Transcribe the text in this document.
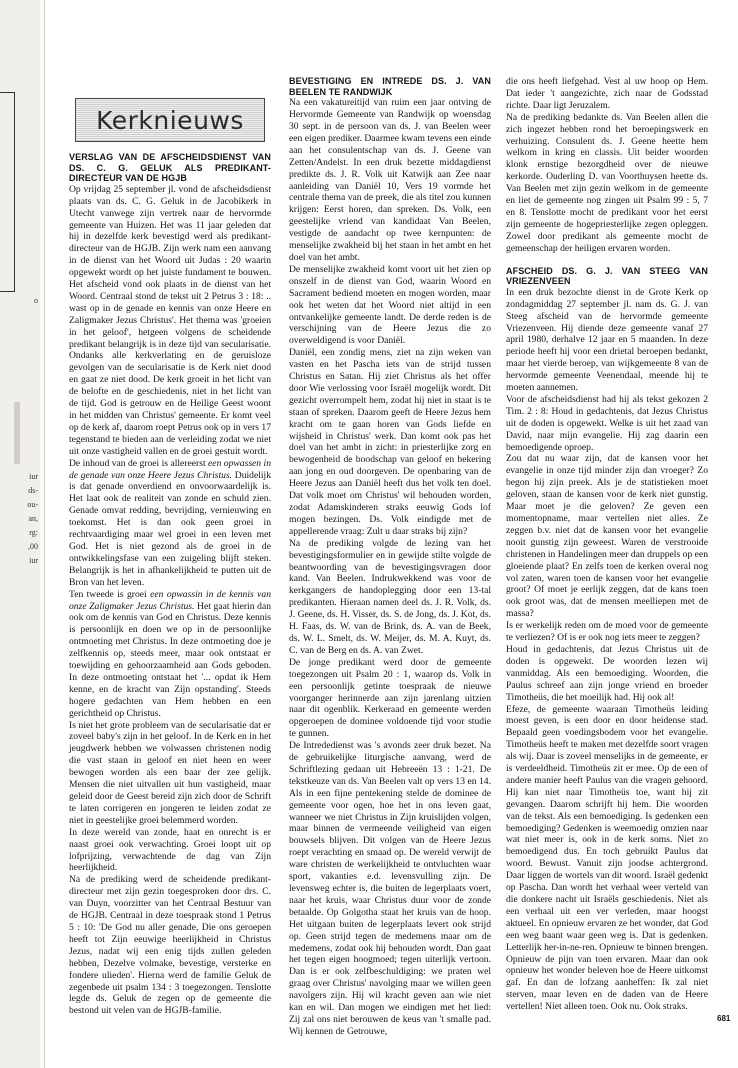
o
iur
ds-
ou-
an,
rg:
,00
iur
Kerknieuws

VERSLAG VAN DE AFSCHEIDSDIENST VAN DS. C. G. GELUK ALS PREDIKANT-DIRECTEUR VAN DE HGJB

Op vrijdag 25 september jl. vond de afscheidsdienst plaats van ds. C. G. Geluk in de Jacobikerk in Utecht vanwege zijn vertrek naar de hervormde gemeente van Huizen. Het was 11 jaar geleden dat hij in dezelfde kerk bevestigd werd als predikant-directeur van de HGJB. Zijn werk nam een aanvang in de dienst van het Woord uit Judas : 20 waarin opgewekt wordt op het juiste fundament te bouwen. Het afscheid vond ook plaats in de dienst van het Woord. Centraal stond de tekst uit 2 Petrus 3 : 18: .. wast op in de genade en kennis van onze Heere en Zaligmaker Jezus Christus'. Het thema was 'groeien in het geloof', hetgeen volgens de scheidende predikant belangrijk is in deze tijd van secularisatie. Ondanks alle kerkverlating en de geruisloze gevolgen van de secularisatie is de Kerk niet dood en gaat ze niet dood. De kerk groeit in het licht van de belofte en de geschiedenis, niet in het licht van de tijd. God is getrouw en de Heilige Geest woont in het midden van Christus' gemeente. Er komt veel op de kerk af, daarom roept Petrus ook op in vers 17 tegenstand te bieden aan de verleiding zodat we niet uit onze vastigheid vallen en de groei gestuit wordt.

De inhoud van de groei is allereerst een opwassen in de genade van onze Heere Jezus Christus. Duidelijk is dat genade onverdiend en onvoorwaardelijk is. Het laat ook de realiteit van zonde en schuld zien. Genade omvat redding, bevrijding, vernieuwing en toekomst. Het is dan ook geen groei in rechtvaardiging maar wel groei in een leven met God. Het is niet gezond als de groei in de ontwikkelingsfase van een zuigeling blijft steken. Belangrijk is het in afhankelijkheid te putten uit de Bron van het leven.

Ten tweede is groei een opwassin in de kennis van onze Zaligmaker Jezus Christus. Het gaat hierin dan ook om de kennis van God en Christus. Deze kennis is persoonlijk en doen we op in de persoonlijke ontmoeting met Christus. In deze ontmoeting doe je zelfkennis op, steeds meer, maar ook ontstaat er toewijding en gehoorzaamheid aan Gods geboden. In deze ontmoeting ontstaat het '... opdat ik Hem kenne, en de kracht van Zijn opstanding'. Steeds hogere gedachten van Hem hebben en een gerichtheid op Christus.

Is niet het grote probleem van de secularisatie dat er zoveel baby's zijn in het geloof. In de Kerk en in het jeugdwerk hebben we volwassen christenen nodig die vast staan in geloof en niet heen en weer bewogen worden als een baar der zee gelijk. Mensen die niet uitvallen uit hun vastigheid, maar geleid door de Geest bereid zijn zich door de Schrift te laten corrigeren en jongeren te leiden zodat ze niet in geestelijke groei belemmerd worden.

In deze wereld van zonde, haat en onrecht is er naast groei ook verwachting. Groei loopt uit op lofprijzing, verwachtende de dag van Zijn heerlijkheid.

Na de prediking werd de scheidende predikant-directeur met zijn gezin toegesproken door drs. C. van Duyn, voorzitter van het Centraal Bestuur van de HGJB. Centraal in deze toespraak stond 1 Petrus 5 : 10: 'De God nu aller genade, Die ons geroepen heeft tot Zijn eeuwige heerlijkheid in Christus Jezus, nadat wij een enig tijds zullen geleden hebben, Dezelve volmake, bevestige, versterke en fondere ulieden'. Hierna werd de familie Geluk de zegenbede uit psalm 134 : 3 toegezongen. Tenslotte legde ds. Geluk de zegen op de gemeente die bestond uit velen van de HGJB-familie.

BEVESTIGING EN INTREDE DS. J. VAN BEELEN TE RANDWIJK

Na een vakatureitijd van ruim een jaar ontving de Hervormde Gemeente van Randwijk op woensdag 30 sept. in de persoon van ds. J. van Beelen weer een eigen prediker. Daarmee kwam tevens een einde aan het consulentschap van ds. J. Geene van Zetten/Andelst. In een druk bezette middagdienst predikte ds. J. R. Volk uit Katwijk aan Zee naar aanleiding van Daniël 10, Vers 19 vormde het centrale thema van de preek, die als titel zou kunnen krijgen: Eerst horen, dan spreken. Ds. Volk, een geestelijke vriend van kandidaat Van Beelen, vestigde de aandacht op twee kernpunten: de menselijke zwakheid bij het staan in het ambt en het doel van het ambt.

De menselijke zwakheid komt voort uit het zien op onszelf in de dienst van God, waarin Woord en Sacrament bediend moeten en mogen worden, maar ook het weten dat het Woord niet altijd in een ontvankelijke gemeente landt. De derde reden is de verschijning van de Heere Jezus die zo overweldigend is voor Daniël.

Daniël, een zondig mens, ziet na zijn weken van vasten en het Pascha iets van de strijd tussen Christus en Satan. Hij ziet Christus als het offer door Wie verlossing voor Israël mogelijk wordt. Dit gezicht overrompelt hem, zodat hij niet in staat is te staan of spreken. Daarom geeft de Heere Jezus hem kracht om te gaan horen van Gods liefde en wijsheid in Christus' werk. Dan komt ook pas het doel van het ambt in zicht: in priesterlijke zorg en bewogenheid de boodschap van geloof en bekering aan jong en oud doorgeven. De openbaring van de Heere Jezus aan Daniël heeft dus het volk ten doel. Dat volk moet om Christus' wil behouden worden, zodat Adamskinderen straks eeuwig Gods lof mogen bezingen. Ds. Volk eindigde met de appellerende vraag: Zult u daar straks bij zijn?

Na de prediking volgde de lezing van het bevestigingsformulier en in gewijde stilte volgde de beantwoording van de bevestigingsvragen door kand. Van Beelen. Indrukwekkend was voor de kerkgangers de handoplegging door een 13-tal predikanten. Hieraan namen deel ds. J. R. Volk, ds. J. Geene, ds. H. Visser, ds. S. de Jong, ds. J. Kot, ds. H. Faas, ds. W. van de Brink, ds. A. van de Beek, ds. W. L. Smelt, ds. W. Meijer, ds. M. A. Kuyt, ds. C. van de Berg en ds. A. van Zwet.

De jonge predikant werd door de gemeente toegezongen uit Psalm 20 : 1, waarop ds. Volk in een persoonlijk getinte toespraak de nieuwe voorganger herinnerde aan zijn jarenlang uitzien naar dit ogenblik. Kerkeraad en gemeente werden opgeroepen de dominee voldoende tijd voor studie te gunnen.

De Intrededienst was 's avonds zeer druk bezet. Na de gebruikelijke liturgische aanvang, werd de Schriftlezing gedaan uit Hebreeën 13 : 1-21. De tekstkeuze van ds. Van Beelen valt op vers 13 en 14. Als in een fijne pentekening stelde de dominee de gemeente voor ogen, hoe het in ons leven gaat, wanneer we niet Christus in Zijn kruislijden volgen, maar binnen de vermeende veiligheid van eigen bouwsels blijven. Dit volgen van de Heere Jezus roept verachting en smaad op. De wereld verwijt de ware christen de werkelijkheid te ontvluchten waar sport, vakanties e.d. levensvulling zijn. De levensweg echter is, die buiten de legerplaats voert, naar het kruis, waar Christus duur voor de zonde betaalde. Op Golgotha staat het kruis van de hoop. Het uitgaan buiten de legerplaats levert ook strijd op. Geen strijd tegen de medemens maar om de medemens, zodat ook hij behouden wordt. Dan gaat het tegen eigen hoogmoed; tegen uiterlijk vertoon. Dan is er ook zelfbeschuldiging: we praten wel graag over Christus' navolging maar we willen geen navolgers zijn. Hij wil kracht geven aan wie niet kan en wil. Dan mogen we eindigen met het lied: Zij zal ons niet berouwen de keus van 't smalle pad. Wij kennen de Getrouwe,

die ons heeft liefgehad. Vest al uw hoop op Hem. Dat ieder 't aangezichte, zich naar de Godsstad richte. Daar ligt Jeruzalem.

Na de prediking bedankte ds. Van Beelen allen die zich ingezet hebben rond het beroepingswerk en verhuizing. Consulent ds. J. Geene heette hem welkom in kring en classis. Uit beider woorden klonk ernstige bezorgdheid over de nieuwe kerkorde. Ouderling D. van Voorthuysen heette ds. Van Beelen met zijn gezin welkom in de gemeente en liet de gemeente nog zingen uit Psalm 99 : 5, 7 en 8. Tenslotte mocht de predikant voor het eerst zijn gemeente de hogepriesterlijke zegen opleggen. Zowel door predikant als gemeente mocht de gemeenschap der heiligen ervaren worden.

AFSCHEID DS. G. J. VAN STEEG VAN VRIEZENVEEN

In een druk bezochte dienst in de Grote Kerk op zondagmiddag 27 september jl. nam ds. G. J. van Steeg afscheid van de hervormde gemeente Vriezenveen. Hij diende deze gemeente vanaf 27 april 1980, derhalve 12 jaar en 5 maanden. In deze periode heeft hij voor een drietal beroepen bedankt, maar het vierde beroep, van wijkgemeente 8 van de hervormde gemeente Veenendaal, meende hij te moeten aannemen.

Voor de afscheidsdienst had hij als tekst gekozen 2 Tim. 2 : 8: Houd in gedachtenis, dat Jezus Christus uit de doden is opgewekt. Welke is uit het zaad van David, naar mijn evangelie. Hij zag daarin een bemoedigende oproep.

Zou dat nu waar zijn, dat de kansen voor het evangelie in onze tijd minder zijn dan vroeger? Zo begon hij zijn preek. Als je de statistieken moet geloven, staan de kansen voor de kerk niet gunstig. Maar moet je die geloven? Ze geven een momentopname, maar vertellen niet alles. Ze zeggen b.v. niet dat de kansen voor het evangelie nooit gunstig zijn geweest. Waren de verstrooide christenen in Handelingen meer dan druppels op een gloeiende plaat? En zelfs toen de kerken overal nog vol zaten, waren toen de kansen voor het evangelie groot? Of moet je eerlijk zeggen, dat de kans toen ook groot was, dat de mensen meelliepen met de massa?

Is er werkelijk reden om de moed voor de gemeente te verliezen? Of is er ook nog iets meer te zeggen?

Houd in gedachtenis, dat Jezus Christus uit de doden is opgewekt. De woorden lezen wij vanmiddag. Als een bemoediging. Woorden, die Paulus schreef aan zijn jonge vriend en broeder Timotheüs, die het moeilijk had. Hij ook al!

Efeze, de gemeente waaraan Timotheüs leiding moest geven, is een door en door heidense stad. Bepaald geen voedingsbodem voor het evangelie. Timotheüs heeft te maken met dezelfde soort vragen als wij. Daar is zoveel menselijks in de gemeente, er is verdeeldheid. Timotheüs zit er mee. Op de een of andere manier heeft Paulus van die vragen gehoord. Hij kan niet naar Timotheüs toe, want hij zit gevangen. Daarom schrijft hij hem. Die woorden van de tekst. Als een bemoediging. Is gedenken een bemoediging? Gedenken is weemoedig omzien naar wat niet meer is, ook in de kerk soms. Niet zo bemoedigend dus. En toch gebruikt Paulus dat woord. Bewust. Vanuit zijn joodse achtergrond. Daar liggen de wortels van dit woord. Israël gedenkt op Pascha. Dan wordt het verhaal weer verteld van die donkere nacht uit Israëls geschiedenis. Niet als een verhaal uit een ver verleden, maar hoogst aktueel. En opnieuw ervaren ze het wonder, dat God een weg baant waar geen weg is. Dat is gedenken. Letterlijk her-in-ne-ren. Opnieuw te binnen brengen. Opnieuw de pijn van toen ervaren. Maar dan ook opnieuw het wonder beleven hoe de Heere uitkomst gaf. En dan de lofzang aanheffen: Ik zal niet sterven, maar leven en de daden van de Heere vertellen! Niet alleen toen. Ook nu. Ook straks.

681
